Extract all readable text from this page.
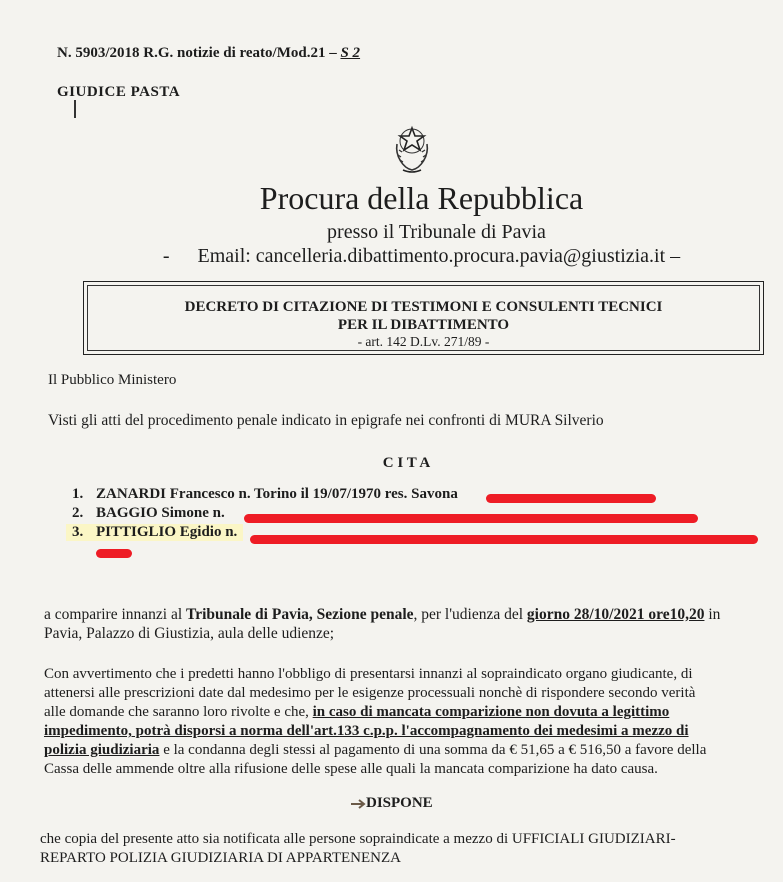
N. 5903/2018 R.G. notizie di reato/Mod.21 – S 2
GIUDICE PASTA
Procura della Repubblica
presso il Tribunale di Pavia
- Email: cancelleria.dibattimento.procura.pavia@giustizia.it –
DECRETO DI CITAZIONE DI TESTIMONI E CONSULENTI TECNICI
PER IL DIBATTIMENTO
- art. 142 D.Lv. 271/89 -
Il Pubblico Ministero
Visti gli atti del procedimento penale indicato in epigrafe nei confronti di MURA Silverio
C I T A
1. ZANARDI Francesco n. Torino il 19/07/1970 res. Savona
2. BAGGIO Simone n.
3. PITTIGLIO Egidio n.
a comparire innanzi al Tribunale di Pavia, Sezione penale, per l'udienza del giorno 28/10/2021 ore10,20 in
Pavia, Palazzo di Giustizia, aula delle udienze;
Con avvertimento che i predetti hanno l'obbligo di presentarsi innanzi al sopraindicato organo giudicante, di
attenersi alle prescrizioni date dal medesimo per le esigenze processuali nonchè di rispondere secondo verità
alle domande che saranno loro rivolte e che, in caso di mancata comparizione non dovuta a legittimo
impedimento, potrà disporsi a norma dell'art.133 c.p.p. l'accompagnamento dei medesimi a mezzo di
polizia giudiziaria e la condanna degli stessi al pagamento di una somma da € 51,65 a € 516,50 a favore della
Cassa delle ammende oltre alla rifusione delle spese alle quali la mancata comparizione ha dato causa.
DISPONE
che copia del presente atto sia notificata alle persone sopraindicate a mezzo di UFFICIALI GIUDIZIARI-
REPARTO POLIZIA GIUDIZIARIA DI APPARTENENZA
